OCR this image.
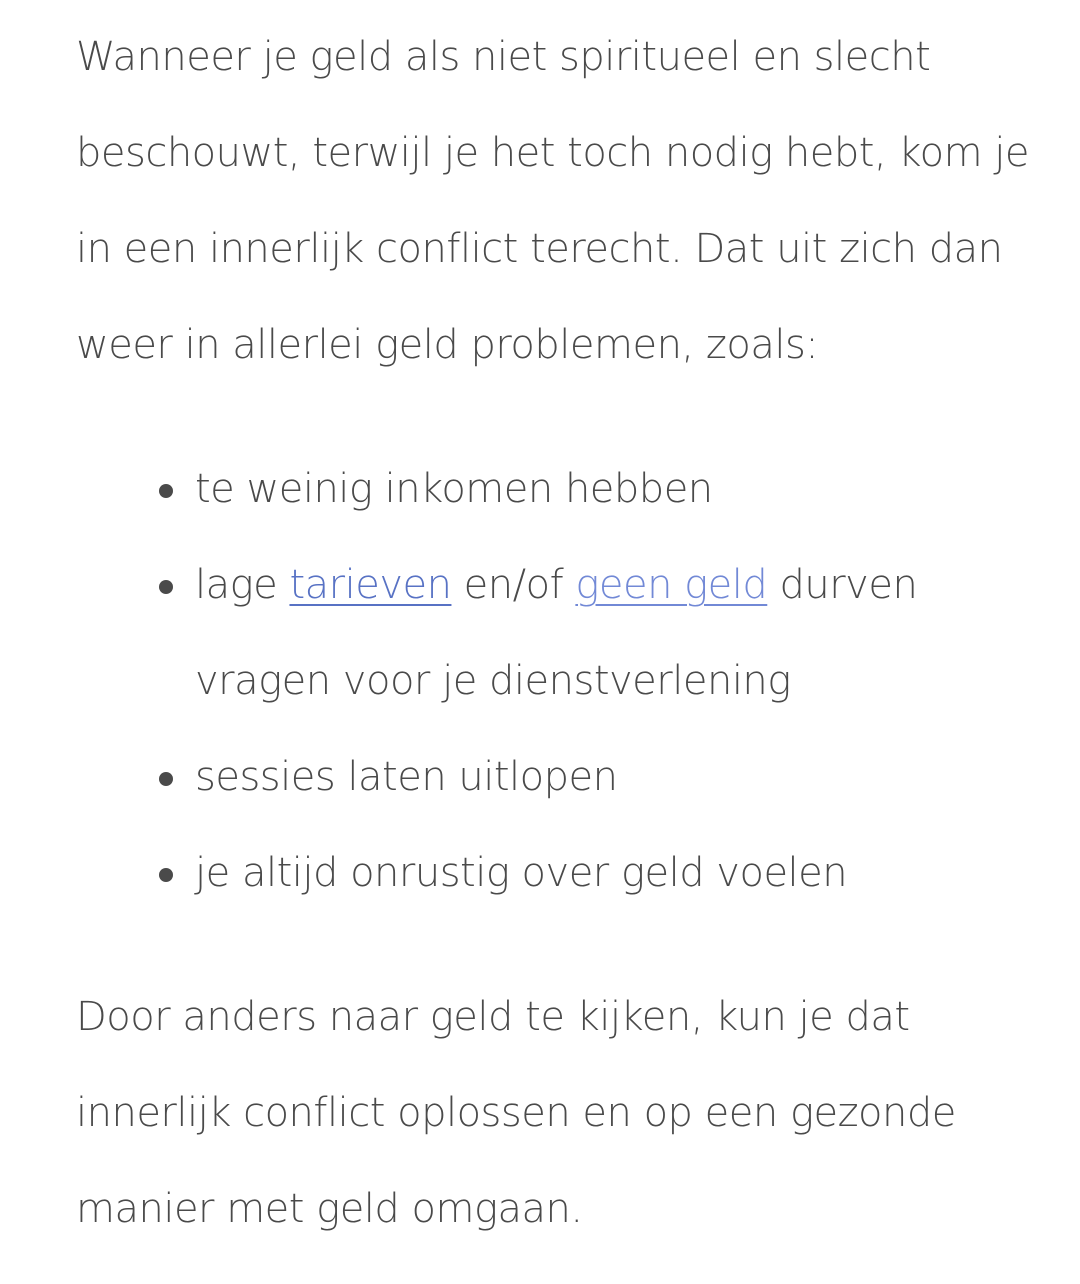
Wanneer je geld als niet spiritueel en slecht beschouwt, terwijl je het toch nodig hebt, kom je in een innerlijk conflict terecht. Dat uit zich dan weer in allerlei geld problemen, zoals:

te weinig inkomen hebben
lage tarieven en/of geen geld durven vragen voor je dienstverlening
sessies laten uitlopen
je altijd onrustig over geld voelen

Door anders naar geld te kijken, kun je dat innerlijk conflict oplossen en op een gezonde manier met geld omgaan.
